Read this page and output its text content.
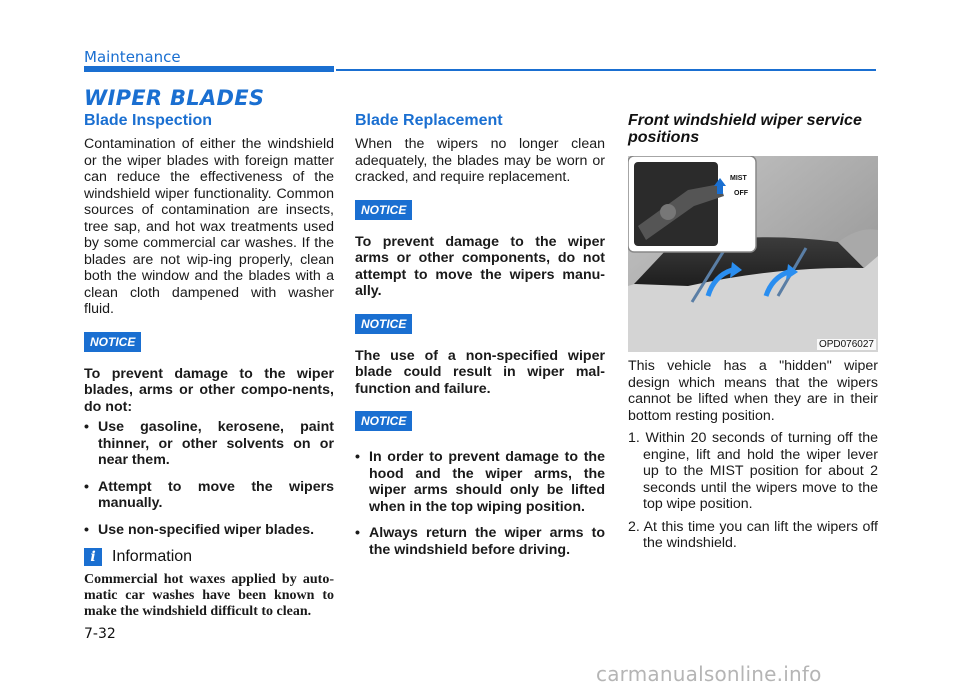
Maintenance
WIPER BLADES
Blade Inspection

Contamination of either the windshield or the wiper blades with foreign matter can reduce the effectiveness of the windshield wiper functionality. Common sources of contamination are insects, tree sap, and hot wax treatments used by some commercial car washes. If the blades are not wip-ing properly, clean both the window and the blades with a clean cloth dampened with washer fluid.

NOTICE

To prevent damage to the wiper blades, arms or other compo-nents, do not:

• Use gasoline, kerosene, paint thinner, or other solvents on or near them.
• Attempt to move the wipers manually.
• Use non-specified wiper blades.
i	Information

Commercial hot waxes applied by auto-matic car washes have been known to make the windshield difficult to clean.

Blade Replacement

When the wipers no longer clean adequately, the blades may be worn or cracked, and require replacement.

NOTICE

To prevent damage to the wiper arms or other components, do not attempt to move the wipers manu-ally.

NOTICE

The use of a non-specified wiper blade could result in wiper mal-function and failure.

NOTICE
• In order to prevent damage to the hood and the wiper arms, the wiper arms should only be lifted when in the top wiping position.
• Always return the wiper arms to the windshield before driving.
Front windshield wiper service positions
MIST
OFF
OPD076027

This vehicle has a "hidden" wiper design which means that the wipers cannot be lifted when they are in their bottom resting position.

1. Within 20 seconds of turning off the engine, lift and hold the wiper lever up to the MIST position for about 2 seconds until the wipers move to the top wipe position.
2. At this time you can lift the wipers off the windshield.
7-32
carmanualsonline.info
